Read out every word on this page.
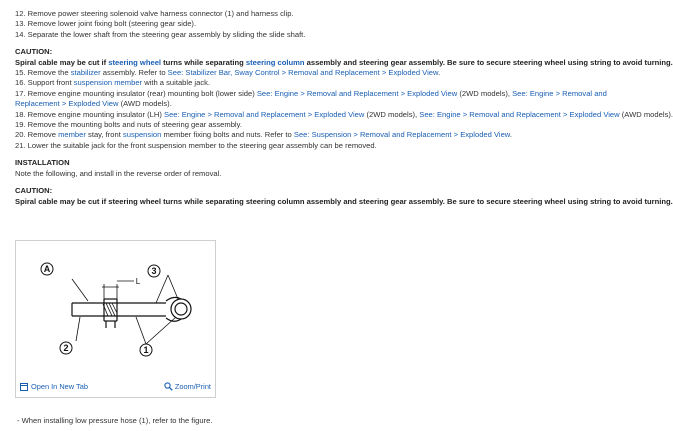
12. Remove power steering solenoid valve harness connector (1) and harness clip.
13. Remove lower joint fixing bolt (steering gear side).
14. Separate the lower shaft from the steering gear assembly by sliding the slide shaft.
CAUTION:
Spiral cable may be cut if steering wheel turns while separating steering column assembly and steering gear assembly. Be sure to secure steering wheel using string to avoid turning.
15. Remove the stabilizer assembly. Refer to See: Stabilizer Bar, Sway Control > Removal and Replacement > Exploded View.
16. Support front suspension member with a suitable jack.
17. Remove engine mounting insulator (rear) mounting bolt (lower side) See: Engine > Removal and Replacement > Exploded View (2WD models), See: Engine > Removal and Replacement > Exploded View (AWD models).
18. Remove engine mounting insulator (LH) See: Engine > Removal and Replacement > Exploded View (2WD models), See: Engine > Removal and Replacement > Exploded View (AWD models).
19. Remove the mounting bolts and nuts of steering gear assembly.
20. Remove member stay, front suspension member fixing bolts and nuts. Refer to See: Suspension > Removal and Replacement > Exploded View.
21. Lower the suitable jack for the front suspension member to the steering gear assembly can be removed.
INSTALLATION
Note the following, and install in the reverse order of removal.
CAUTION:
Spiral cable may be cut if steering wheel turns while separating steering column assembly and steering gear assembly. Be sure to secure steering wheel using string to avoid turning.
A
L
3
2	1
Open In New Tab	Zoom/Print
- When installing low pressure hose (1), refer to the figure.
